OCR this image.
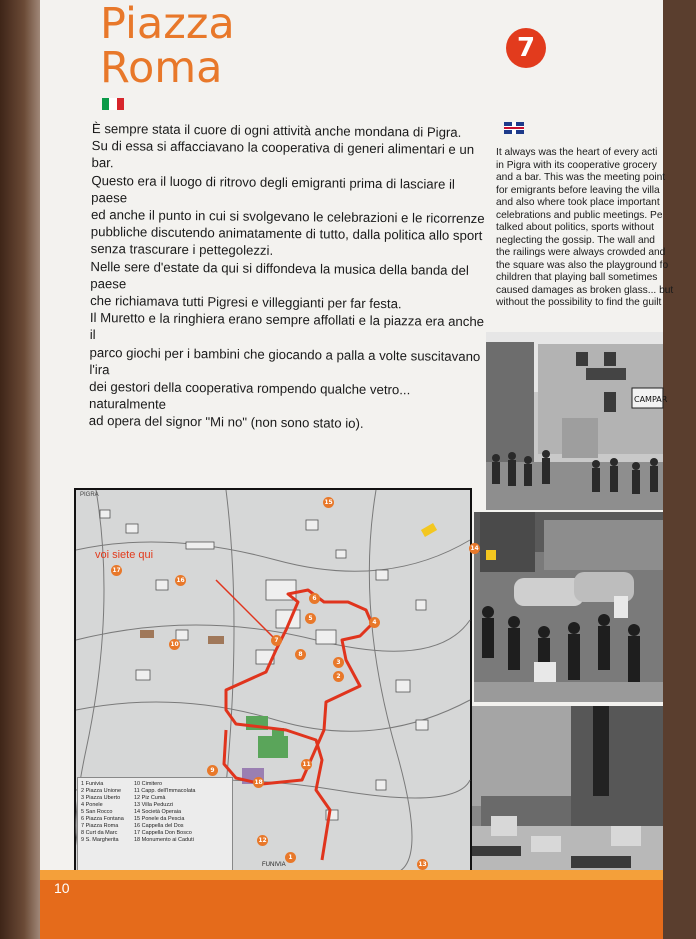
Piazza
Roma	7
È sempre stata il cuore di ogni attività anche mondana di Pigra.
Su di essa si affacciavano la cooperativa di generi alimentari e un bar.
Questo era il luogo di ritrovo degli emigranti prima di lasciare il paese
ed anche il punto in cui si svolgevano le celebrazioni e le ricorrenze
pubbliche discutendo animatamente di tutto, dalla politica allo sport
senza trascurare i pettegolezzi.
Nelle sere d'estate da qui si diffondeva la musica della banda del paese
che richiamava tutti Pigresi e villeggianti per far festa.
Il Muretto e la ringhiera erano sempre affollati e la piazza era anche il
parco giochi per i bambini che giocando a palla a volte suscitavano l'ira
dei gestori della cooperativa rompendo qualche vetro... naturalmente
ad opera del signor "Mi no" (non sono stato io).
It always was the heart of every acti
in Pigra with its cooperative grocery
and a bar. This was the meeting point
for emigrants before leaving the villa
and also where took place important
celebrations and public meetings. Pe
talked about politics, sports without
neglecting the gossip. The wall and
the railings were always crowded and
the square was also the playground fo
children that playing ball sometimes
caused damages as broken glass... but
without the possibility to find the guilt
CAMPAR
voi siete qui
PIGRA
FUNIVIA
1
2
3
4
5
6
7
8
9
10
11
12
13
14
15
16
17
18
1 Funivia
2 Piazza Unione
3 Piazza Uberto
4 Ponele
5 San Rocco
6 Piazza Fontana
7 Piazza Roma
8 Curt da Marc
9 S. Margherita
10 Cimitero
11 Capp. dell'Immacolata
12 Piz Cumà
13 Villa Peduzzi
14 Società Operaia
15 Ponele da Pescia
16 Cappella del Dos
17 Cappella Don Bosco
18 Monumento ai Caduti
10
